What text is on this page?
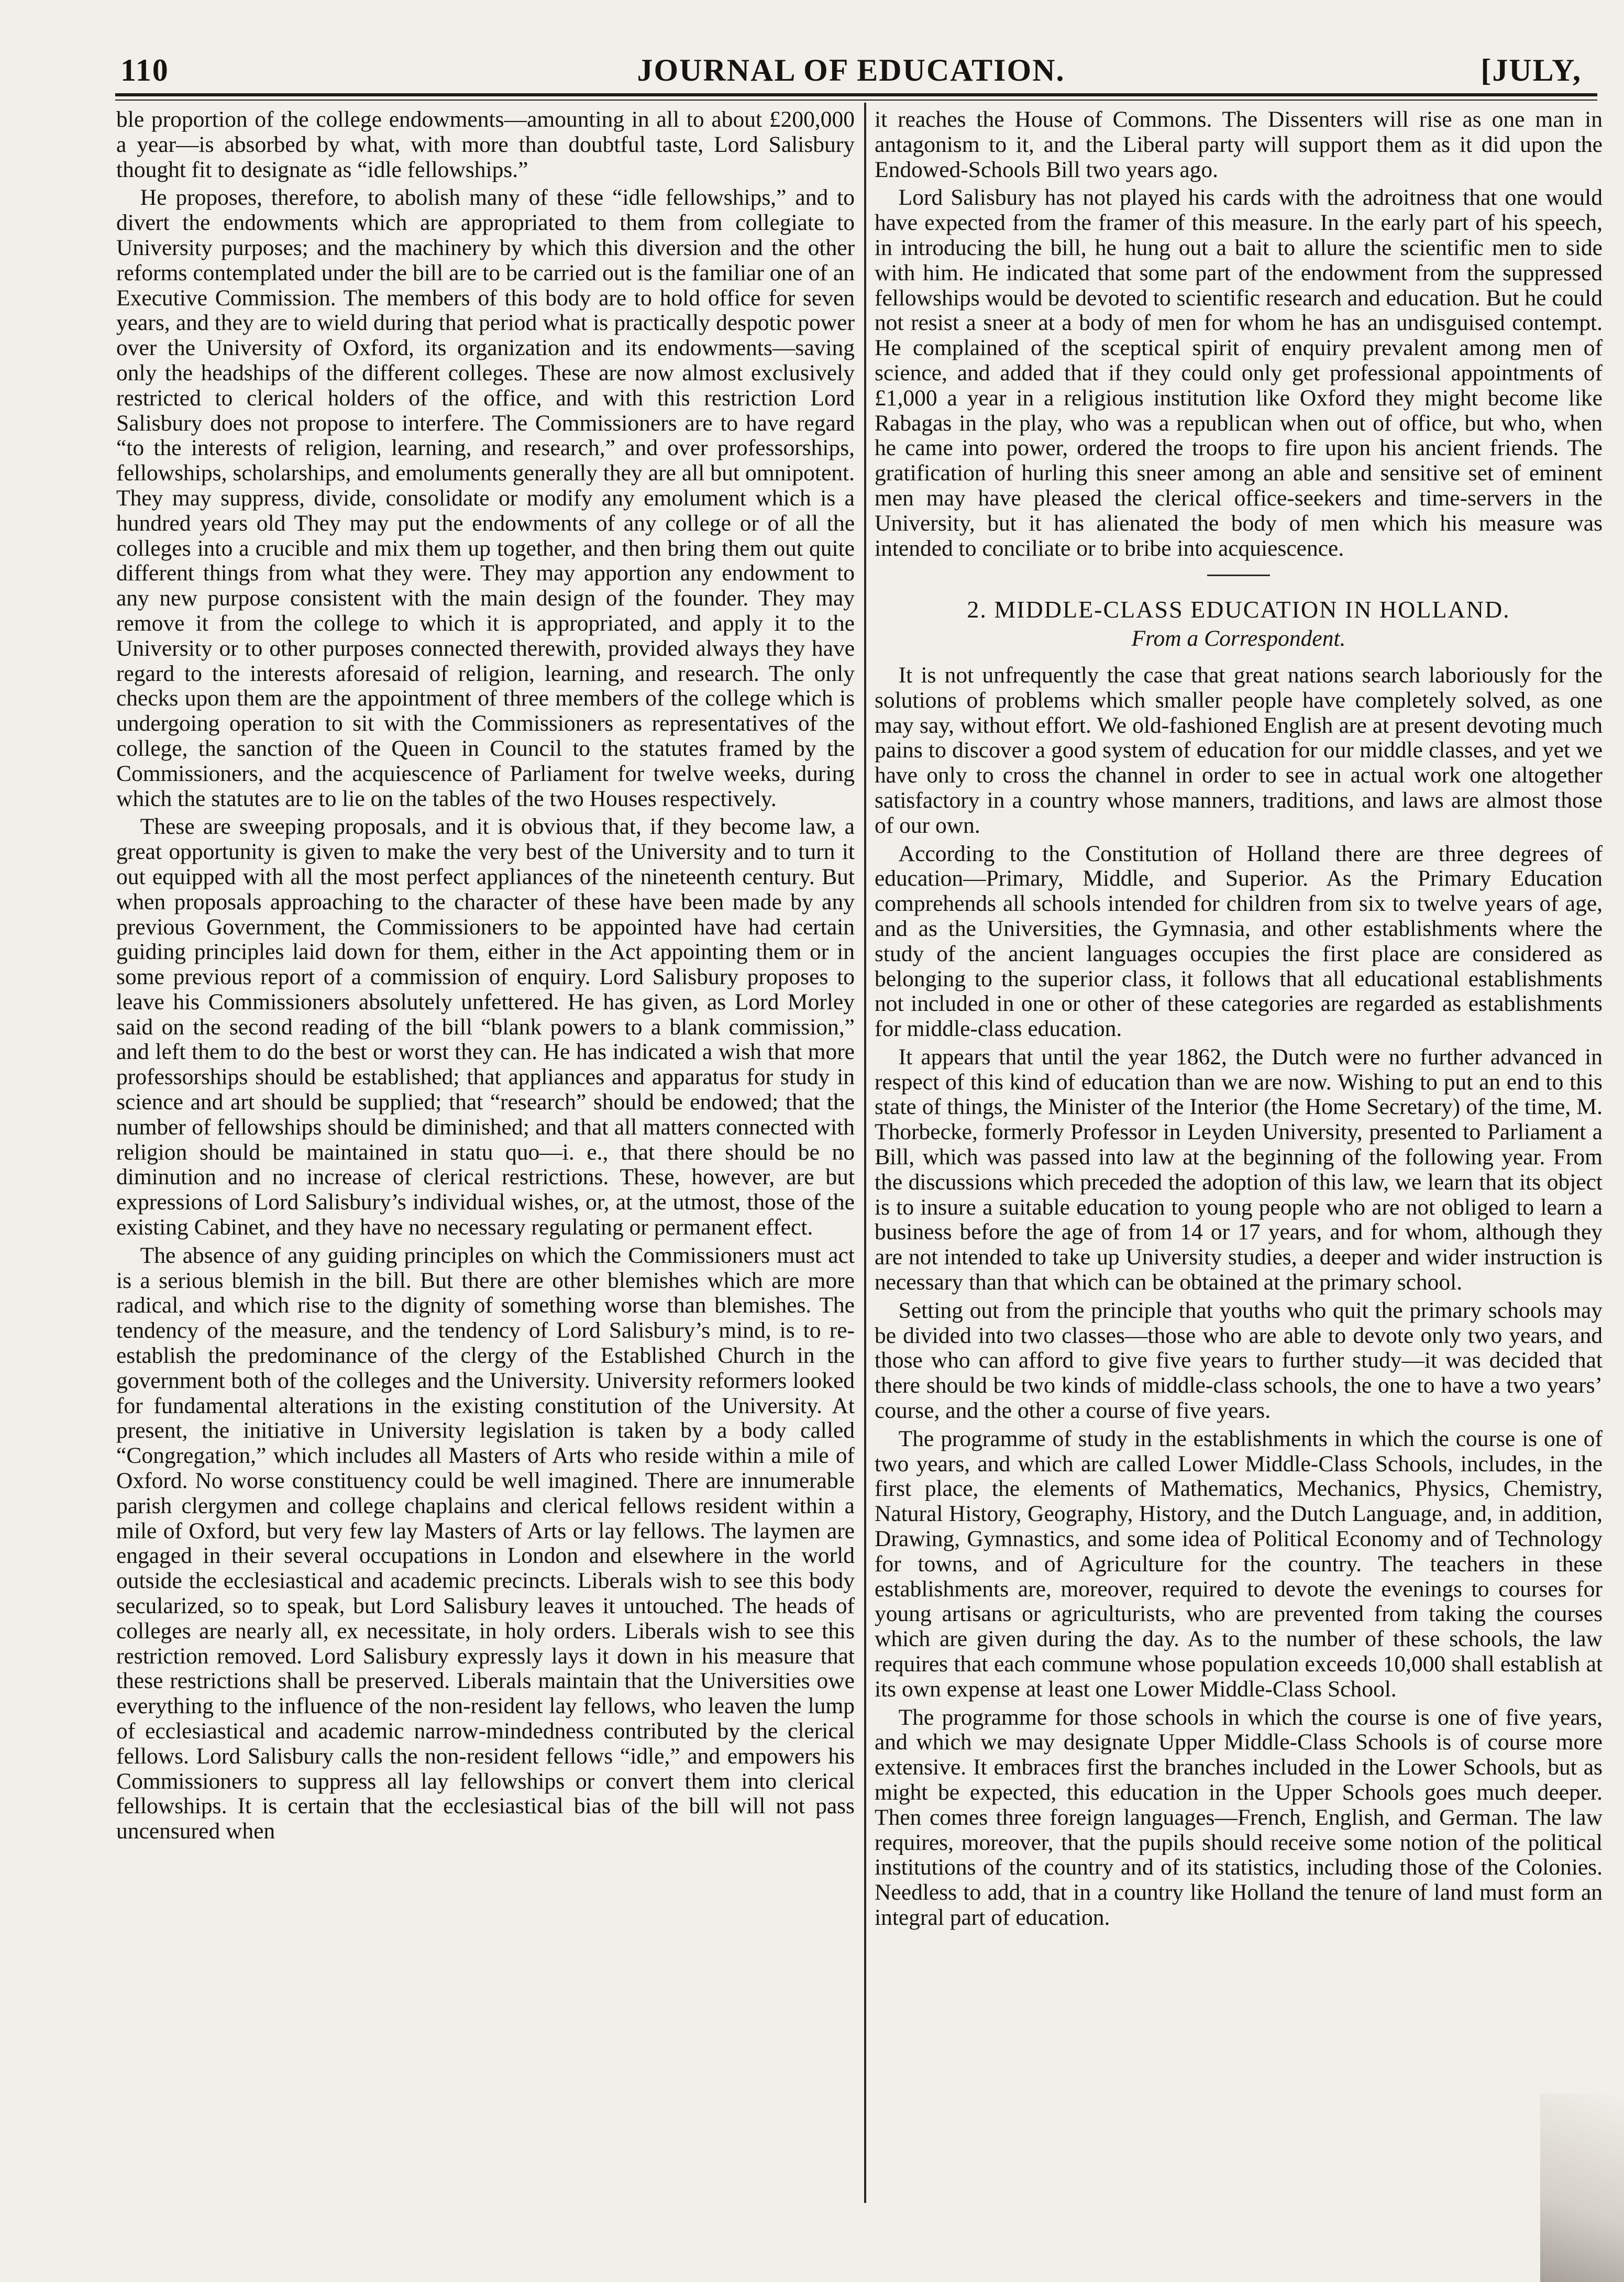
110	JOURNAL OF EDUCATION.	[JULY,

ble proportion of the college endowments—amounting in all to about £200,000 a year—is absorbed by what, with more than doubtful taste, Lord Salisbury thought fit to designate as “idle fellowships.”

He proposes, therefore, to abolish many of these “idle fellowships,” and to divert the endowments which are appropriated to them from collegiate to University purposes; and the machinery by which this diversion and the other reforms contemplated under the bill are to be carried out is the familiar one of an Executive Commission. The members of this body are to hold office for seven years, and they are to wield during that period what is practically despotic power over the University of Oxford, its organization and its endowments—saving only the headships of the different colleges. These are now almost exclusively restricted to clerical holders of the office, and with this restriction Lord Salisbury does not propose to interfere. The Commissioners are to have regard “to the interests of religion, learning, and research,” and over professorships, fellowships, scholarships, and emoluments generally they are all but omnipotent. They may suppress, divide, consolidate or modify any emolument which is a hundred years old They may put the endowments of any college or of all the colleges into a crucible and mix them up together, and then bring them out quite different things from what they were. They may apportion any endowment to any new purpose consistent with the main design of the founder. They may remove it from the college to which it is appropriated, and apply it to the University or to other purposes connected therewith, provided always they have regard to the interests aforesaid of religion, learning, and research. The only checks upon them are the appointment of three members of the college which is undergoing operation to sit with the Commissioners as representatives of the college, the sanction of the Queen in Council to the statutes framed by the Commissioners, and the acquiescence of Parliament for twelve weeks, during which the statutes are to lie on the tables of the two Houses respectively.

These are sweeping proposals, and it is obvious that, if they become law, a great opportunity is given to make the very best of the University and to turn it out equipped with all the most perfect appliances of the nineteenth century. But when proposals approaching to the character of these have been made by any previous Government, the Commissioners to be appointed have had certain guiding principles laid down for them, either in the Act appointing them or in some previous report of a commission of enquiry. Lord Salisbury proposes to leave his Commissioners absolutely unfettered. He has given, as Lord Morley said on the second reading of the bill “blank powers to a blank commission,” and left them to do the best or worst they can. He has indicated a wish that more professorships should be established; that appliances and apparatus for study in science and art should be supplied; that “research” should be endowed; that the number of fellowships should be diminished; and that all matters connected with religion should be maintained in statu quo—i. e., that there should be no diminution and no increase of clerical restrictions. These, however, are but expressions of Lord Salisbury’s individual wishes, or, at the utmost, those of the existing Cabinet, and they have no necessary regulating or permanent effect.

The absence of any guiding principles on which the Commissioners must act is a serious blemish in the bill. But there are other blemishes which are more radical, and which rise to the dignity of something worse than blemishes. The tendency of the measure, and the tendency of Lord Salisbury’s mind, is to re-establish the predominance of the clergy of the Established Church in the government both of the colleges and the University. University reformers looked for fundamental alterations in the existing constitution of the University. At present, the initiative in University legislation is taken by a body called “Congregation,” which includes all Masters of Arts who reside within a mile of Oxford. No worse constituency could be well imagined. There are innumerable parish clergymen and college chaplains and clerical fellows resident within a mile of Oxford, but very few lay Masters of Arts or lay fellows. The laymen are engaged in their several occupations in London and elsewhere in the world outside the ecclesiastical and academic precincts. Liberals wish to see this body secularized, so to speak, but Lord Salisbury leaves it untouched. The heads of colleges are nearly all, ex necessitate, in holy orders. Liberals wish to see this restriction removed. Lord Salisbury expressly lays it down in his measure that these restrictions shall be preserved. Liberals maintain that the Universities owe everything to the influence of the non-resident lay fellows, who leaven the lump of ecclesiastical and academic narrow-mindedness contributed by the clerical fellows. Lord Salisbury calls the non-resident fellows “idle,” and empowers his Commissioners to suppress all lay fellowships or convert them into clerical fellowships. It is certain that the ecclesiastical bias of the bill will not pass uncensured when

it reaches the House of Commons. The Dissenters will rise as one man in antagonism to it, and the Liberal party will support them as it did upon the Endowed-Schools Bill two years ago.

Lord Salisbury has not played his cards with the adroitness that one would have expected from the framer of this measure. In the early part of his speech, in introducing the bill, he hung out a bait to allure the scientific men to side with him. He indicated that some part of the endowment from the suppressed fellowships would be devoted to scientific research and education. But he could not resist a sneer at a body of men for whom he has an undisguised contempt. He complained of the sceptical spirit of enquiry prevalent among men of science, and added that if they could only get professional appointments of £1,000 a year in a religious institution like Oxford they might become like Rabagas in the play, who was a republican when out of office, but who, when he came into power, ordered the troops to fire upon his ancient friends. The gratification of hurling this sneer among an able and sensitive set of eminent men may have pleased the clerical office-seekers and time-servers in the University, but it has alienated the body of men which his measure was intended to conciliate or to bribe into acquiescence.

2. MIDDLE-CLASS EDUCATION IN HOLLAND.
From a Correspondent.

It is not unfrequently the case that great nations search laboriously for the solutions of problems which smaller people have completely solved, as one may say, without effort. We old-fashioned English are at present devoting much pains to discover a good system of education for our middle classes, and yet we have only to cross the channel in order to see in actual work one altogether satisfactory in a country whose manners, traditions, and laws are almost those of our own.

According to the Constitution of Holland there are three degrees of education—Primary, Middle, and Superior. As the Primary Education comprehends all schools intended for children from six to twelve years of age, and as the Universities, the Gymnasia, and other establishments where the study of the ancient languages occupies the first place are considered as belonging to the superior class, it follows that all educational establishments not included in one or other of these categories are regarded as establishments for middle-class education.

It appears that until the year 1862, the Dutch were no further advanced in respect of this kind of education than we are now. Wishing to put an end to this state of things, the Minister of the Interior (the Home Secretary) of the time, M. Thorbecke, formerly Professor in Leyden University, presented to Parliament a Bill, which was passed into law at the beginning of the following year. From the discussions which preceded the adoption of this law, we learn that its object is to insure a suitable education to young people who are not obliged to learn a business before the age of from 14 or 17 years, and for whom, although they are not intended to take up University studies, a deeper and wider instruction is necessary than that which can be obtained at the primary school.

Setting out from the principle that youths who quit the primary schools may be divided into two classes—those who are able to devote only two years, and those who can afford to give five years to further study—it was decided that there should be two kinds of middle-class schools, the one to have a two years’ course, and the other a course of five years.

The programme of study in the establishments in which the course is one of two years, and which are called Lower Middle-Class Schools, includes, in the first place, the elements of Mathematics, Mechanics, Physics, Chemistry, Natural History, Geography, History, and the Dutch Language, and, in addition, Drawing, Gymnastics, and some idea of Political Economy and of Technology for towns, and of Agriculture for the country. The teachers in these establishments are, moreover, required to devote the evenings to courses for young artisans or agriculturists, who are prevented from taking the courses which are given during the day. As to the number of these schools, the law requires that each commune whose population exceeds 10,000 shall establish at its own expense at least one Lower Middle-Class School.

The programme for those schools in which the course is one of five years, and which we may designate Upper Middle-Class Schools is of course more extensive. It embraces first the branches included in the Lower Schools, but as might be expected, this education in the Upper Schools goes much deeper. Then comes three foreign languages—French, English, and German. The law requires, moreover, that the pupils should receive some notion of the political institutions of the country and of its statistics, including those of the Colonies. Needless to add, that in a country like Holland the tenure of land must form an integral part of education.
